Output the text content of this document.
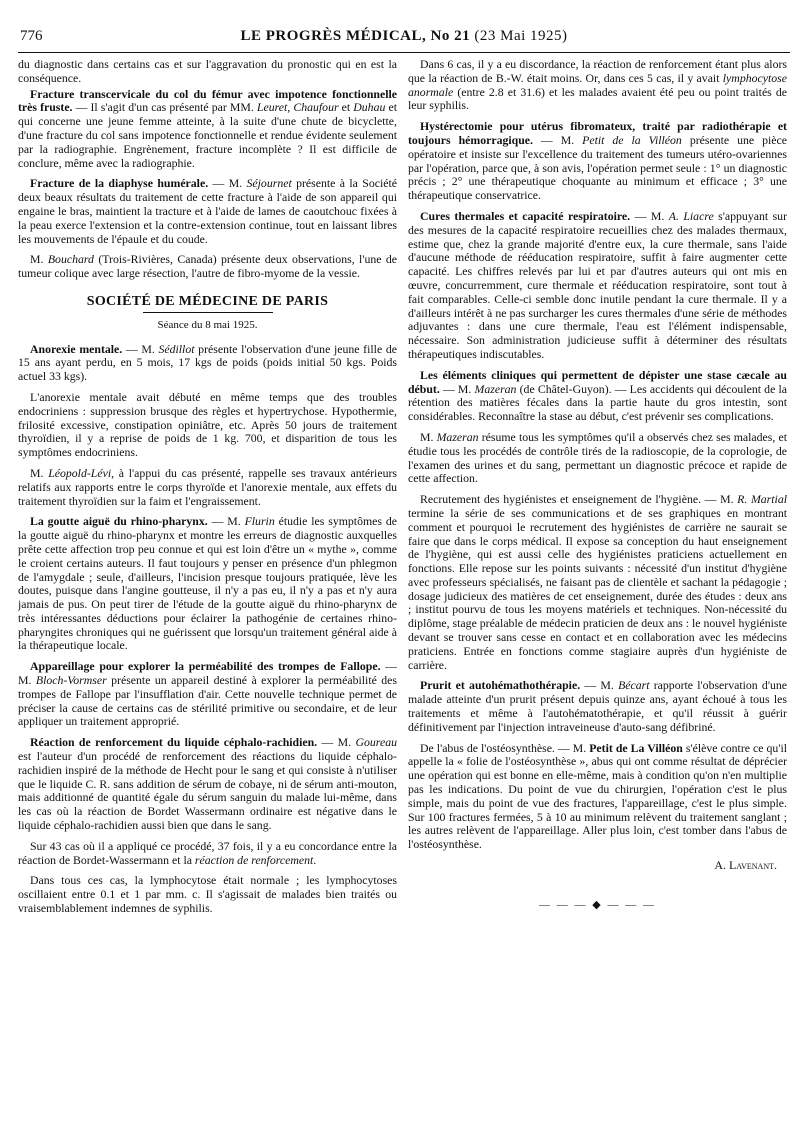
776	LE PROGRÈS MÉDICAL, No 21 (23 Mai 1925)

du diagnostic dans certains cas et sur l'aggravation du pronostic qui en est la conséquence.

Fracture transcervicale du col du fémur avec impotence fonctionnelle très fruste. — Il s'agit d'un cas présenté par MM. Leuret, Chaufour et Duhau et qui concerne une jeune femme atteinte, à la suite d'une chute de bicyclette, d'une fracture du col sans impotence fonctionnelle et rendue évidente seulement par la radiographie. Engrènement, fracture incomplète ? Il est difficile de conclure, même avec la radiographie.

Fracture de la diaphyse humérale. — M. Séjournet présente à la Société deux beaux résultats du traitement de cette fracture à l'aide de son appareil qui engaine le bras, maintient la tracture et à l'aide de lames de caoutchouc fixées à la peau exerce l'extension et la contre-extension continue, tout en laissant libres les mouvements de l'épaule et du coude.

M. Bouchard (Trois-Rivières, Canada) présente deux observations, l'une de tumeur colique avec large résection, l'autre de fibro-myome de la vessie.

SOCIÉTÉ DE MÉDECINE DE PARIS
Séance du 8 mai 1925.

Anorexie mentale. — M. Sédillot présente l'observation d'une jeune fille de 15 ans ayant perdu, en 5 mois, 17 kgs de poids (poids initial 50 kgs. Poids actuel 33 kgs).

L'anorexie mentale avait débuté en même temps que des troubles endocriniens : suppression brusque des règles et hypertrychose. Hypothermie, frilosité excessive, constipation opiniâtre, etc. Après 50 jours de traitement thyroïdien, il y a reprise de poids de 1 kg. 700, et disparition de tous les symptômes endocriniens.

M. Léopold-Lévi, à l'appui du cas présenté, rappelle ses travaux antérieurs relatifs aux rapports entre le corps thyroïde et l'anorexie mentale, aux effets du traitement thyroïdien sur la faim et l'engraissement.

La goutte aiguë du rhino-pharynx. — M. Flurin étudie les symptômes de la goutte aiguë du rhino-pharynx et montre les erreurs de diagnostic auxquelles prête cette affection trop peu connue et qui est loin d'être un « mythe », comme le croient certains auteurs. Il faut toujours y penser en présence d'un phlegmon de l'amygdale ; seule, d'ailleurs, l'incision presque toujours pratiquée, lève les doutes, puisque dans l'angine goutteuse, il n'y a pas eu, il n'y a pas et n'y aura jamais de pus. On peut tirer de l'étude de la goutte aiguë du rhino-pharynx de très intéressantes déductions pour éclairer la pathogénie de certaines rhino-pharyngites chroniques qui ne guérissent que lorsqu'un traitement général aide à la thérapeutique locale.

Appareillage pour explorer la perméabilité des trompes de Fallope. — M. Bloch-Vormser présente un appareil destiné à explorer la perméabilité des trompes de Fallope par l'insufflation d'air. Cette nouvelle technique permet de préciser la cause de certains cas de stérilité primitive ou secondaire, et de leur appliquer un traitement approprié.

Réaction de renforcement du liquide céphalo-rachidien. — M. Goureau est l'auteur d'un procédé de renforcement des réactions du liquide céphalo-rachidien inspiré de la méthode de Hecht pour le sang et qui consiste à n'utiliser que le liquide C. R. sans addition de sérum de cobaye, ni de sérum anti-mouton, mais additionné de quantité égale du sérum sanguin du malade lui-même, dans les cas où la réaction de Bordet Wassermann ordinaire est négative dans le liquide céphalo-rachidien aussi bien que dans le sang.

Sur 43 cas où il a appliqué ce procédé, 37 fois, il y a eu concordance entre la réaction de Bordet-Wassermann et la réaction de renforcement.

Dans tous ces cas, la lymphocytose était normale ; les lymphocytoses oscillaient entre 0.1 et 1 par mm. c. Il s'agissait de malades bien traités ou vraisemblablement indemnes de syphilis.

Dans 6 cas, il y a eu discordance, la réaction de renforcement étant plus alors que la réaction de B.-W. était moins. Or, dans ces 5 cas, il y avait lymphocytose anormale (entre 2.8 et 31.6) et les malades avaient été peu ou point traités de leur syphilis.

Hystérectomie pour utérus fibromateux, traité par radiothérapie et toujours hémorragique. — M. Petit de la Villéon présente une pièce opératoire et insiste sur l'excellence du traitement des tumeurs utéro-ovariennes par l'opération, parce que, à son avis, l'opération permet seule : 1° un diagnostic précis ; 2° une thérapeutique choquante au minimum et efficace ; 3° une thérapeutique conservatrice.

Cures thermales et capacité respiratoire. — M. A. Liacre s'appuyant sur des mesures de la capacité respiratoire recueillies chez des malades thermaux, estime que, chez la grande majorité d'entre eux, la cure thermale, sans l'aide d'aucune méthode de rééducation respiratoire, suffit à faire augmenter cette capacité. Les chiffres relevés par lui et par d'autres auteurs qui ont mis en œuvre, concurremment, cure thermale et rééducation respiratoire, sont tout à fait comparables. Celle-ci semble donc inutile pendant la cure thermale. Il y a d'ailleurs intérêt à ne pas surcharger les cures thermales d'une série de méthodes adjuvantes : dans une cure thermale, l'eau est l'élément indispensable, nécessaire. Son administration judicieuse suffit à déterminer des résultats thérapeutiques indiscutables.

Les éléments cliniques qui permettent de dépister une stase cæcale au début. — M. Mazeran (de Châtel-Guyon). — Les accidents qui découlent de la rétention des matières fécales dans la partie haute du gros intestin, sont considérables. Reconnaître la stase au début, c'est prévenir ses complications.

M. Mazeran résume tous les symptômes qu'il a observés chez ses malades, et étudie tous les procédés de contrôle tirés de la radioscopie, de la coprologie, de l'examen des urines et du sang, permettant un diagnostic précoce et rapide de cette affection.

Recrutement des hygiénistes et enseignement de l'hygiène. — M. R. Martial termine la série de ses communications et de ses graphiques en montrant comment et pourquoi le recrutement des hygiénistes de carrière ne saurait se faire que dans le corps médical. Il expose sa conception du haut enseignement de l'hygiène, qui est aussi celle des hygiénistes praticiens actuellement en fonctions. Elle repose sur les points suivants : nécessité d'un institut d'hygiène avec professeurs spécialisés, ne faisant pas de clientèle et sachant la pédagogie ; dosage judicieux des matières de cet enseignement, durée des études : deux ans ; institut pourvu de tous les moyens matériels et techniques. Non-nécessité du diplôme, stage préalable de médecin praticien de deux ans : le nouvel hygiéniste devant se trouver sans cesse en contact et en collaboration avec les médecins praticiens. Entrée en fonctions comme stagiaire auprès d'un hygiéniste de carrière.

Prurit et autohémathothérapie. — M. Bécart rapporte l'observation d'une malade atteinte d'un prurit présent depuis quinze ans, ayant échoué à tous les traitements et même à l'autohématothérapie, et qu'il réussit à guérir définitivement par l'injection intraveineuse d'auto-sang défibriné.

De l'abus de l'ostéosynthèse. — M. Petit de La Villéon s'élève contre ce qu'il appelle la « folie de l'ostéosynthèse », abus qui ont comme résultat de déprécier une opération qui est bonne en elle-même, mais à condition qu'on n'en multiplie pas les indications. Du point de vue du chirurgien, l'opération c'est le plus simple, mais du point de vue des fractures, l'appareillage, c'est le plus simple. Sur 100 fractures fermées, 5 à 10 au minimum relèvent du traitement sanglant ; les autres relèvent de l'appareillage. Aller plus loin, c'est tomber dans l'abus de l'ostéosynthèse.

A. Lavenant.
— — — ◆ — — —
